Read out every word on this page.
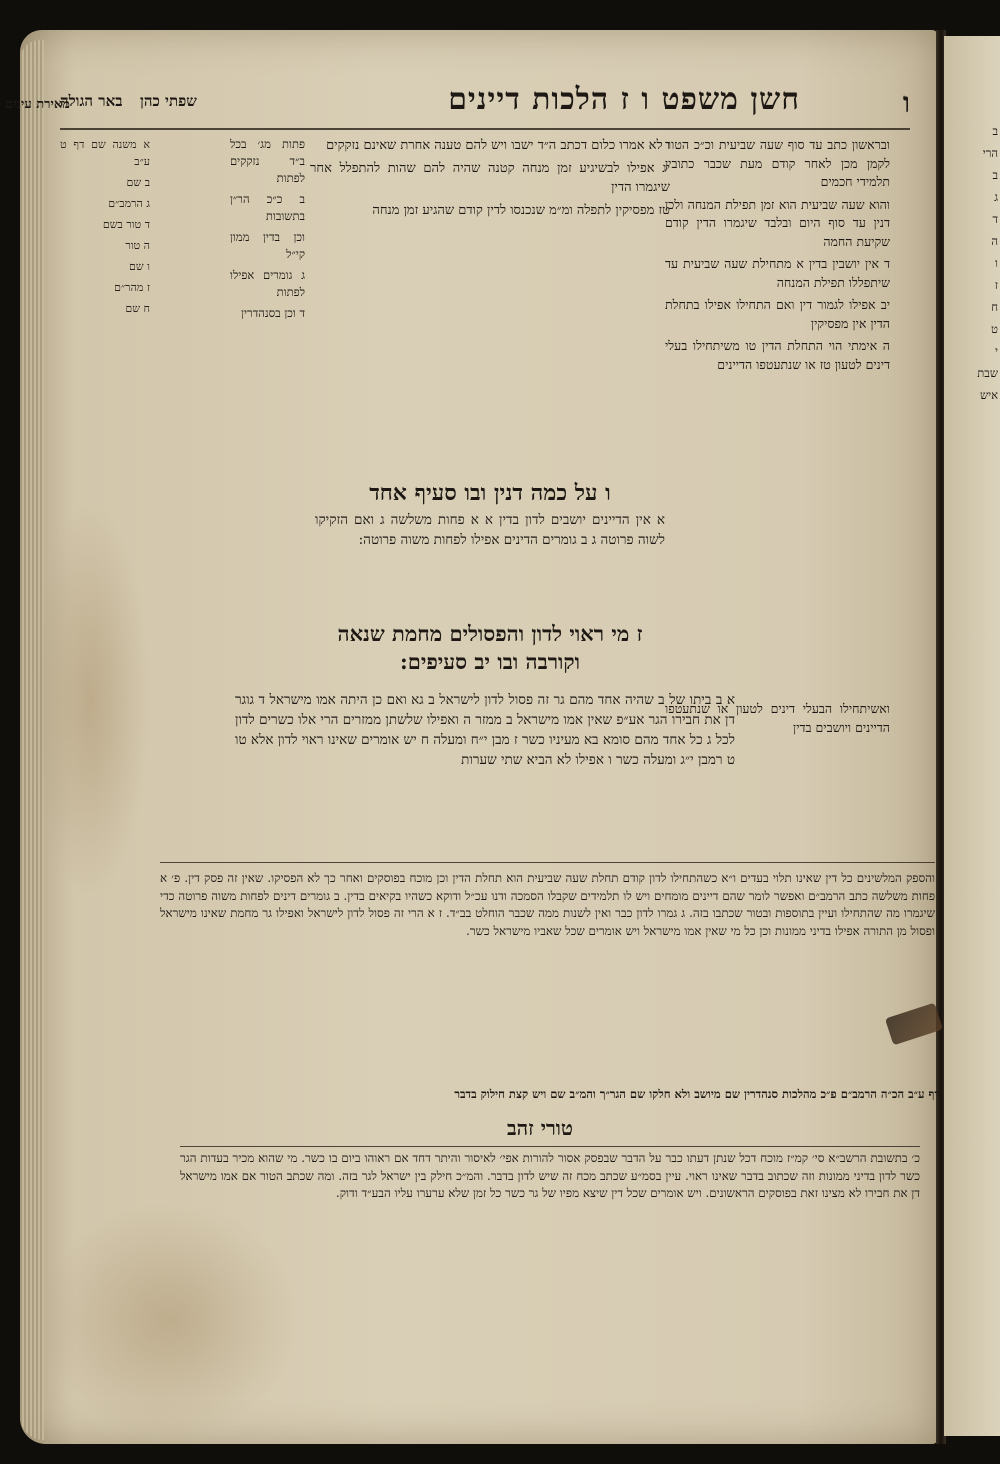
ו
חשן משפט ו ז הלכות דיינים
שפתי כהן
באר הגולה
מאירת עינים

ובראשון כתב עד סוף שעה שביעית וכ״כ הטור לקמן מכן לאחר קודם מעת שכבר כתובין תלמידי חכמים

והוא שעה שביעית הוא זמן תפילת המנחה ולכן דנין עד סוף היום ובלבד שיגמרו הדין קודם שקיעת החמה

ד אין יושבין בדין א מתחילת שעה שביעית עד שיתפללו תפילת המנחה

יב אפילו לגמור דין ואם התחילו אפילו בתחלת הדין אין מפסיקין

ה אימתי הוי התחלת הדין טו משיתחילו בעלי דינים לטעון טז או שנתעטפו הדיינים

ו לא אמרו כלום דכתב ה״ד ישבו ויש להם טענה אחרת שאינם נזקקים

יג אפילו לבשיגיע זמן מנחה קטנה שהיה להם שהות להתפלל אחר שיגמרו הדין

טז מפסיקין לתפלה ומ״מ שנכנסו לדין קודם שהגיע זמן מנחה

פתות מג׳ בכל ב״ד נזקקים לפתות

ב כ״כ הר״ן בתשובות

וכן בדין ממון קי״ל

ג גומרים אפילו לפתות

ד וכן בסנהדרין

א משנה שם דף ט ע״ב

ב שם

ג הרמב״ם

ד טור בשם

ה טור

ו שם

ז מהר״ם

ח שם

ו על כמה דנין ובו סעיף אחד
א אין הדיינים יושבים לדון בדין א א פחות משלשה ג ואם הזקיקו לשוה פרוטה ג ב גומרים הדינים אפילו לפחות משוה פרוטה:
ז מי ראוי לדון והפסולים מחמת שנאה וקורבה ובו יב סעיפים:
א ב ביתו של ב שהיה אחד מהם גר זה פסול לדון לישראל ב גא ואם כן היתה אמו מישראל ד גוגר דן את חבירו הגר אע״פ שאין אמו מישראל ב ממזר ה ואפילו שלשתן ממזרים הרי אלו כשרים לדון לכל ג כל אחד מהם סומא בא מעיניו כשר ז מבן י״ח ומעלה ח יש אומרים שאינו ראוי לדון אלא טו ט רמבן י״ג ומעלה כשר ו אפילו לא הביא שתי שערות
ואשיתחילו הבעלי דינים לטעון או שנתעטפו הדיינים ויושבים בדין
והספק המלשינים כל דין שאינו תלוי בעדים ו״א כשהתחילו לדון קודם תחלת שעה שביעית הוא תחלת הדין וכן מוכח בפוסקים ואחר כך לא הפסיקו. שאין זה פסק דין. פ׳ א פחות משלשה כתב הרמב״ם ואפשר לומר שהם דיינים מומחים ויש לו תלמידים שקבלו הסמכה ודנו עכ״ל ודוקא כשהיו בקיאים בדין. ב גומרים דינים לפחות משוה פרוטה כדי שיגמרו מה שהתחילו ועיין בתוספות ובטור שכתבו בזה. ג גמרו לדון כבר ואין לשנות ממה שכבר הוחלט בב״ד. ז א הרי זה פסול לדון לישראל ואפילו גר מחמת שאינו מישראל ופסול מן התורה אפילו בדיני ממונות וכן כל מי שאין אמו מישראל ויש אומרים שכל שאביו מישראל כשר.
דף ע״ב הכ״ה הרמב״ם פ״כ מהלכות סנהדרין שם מיושב ולא חלקו שם הגר״ך והמ״ב שם ויש קצת חילוק בדבר
טורי זהב
כ׳ בתשובת הרשב״א סי׳ קמ״ז מוכח דכל שנתן דעתו כבר על הדבר שבפסק אסור להורות אפי׳ לאיסור והיתר דחד אם ראוהו ביום בו כשר. מי שהוא מכיר בעדות הגר כשר לדון בדיני ממונות וזה שכתוב בדבר שאינו ראוי. עיין בסמ״ע שכתב מכח זה שיש לדון בדבר. והמ״כ חילק בין ישראל לגר בזה. ומה שכתב הטור אם אמו מישראל דן את חבירו לא מצינו זאת בפוסקים הראשונים. ויש אומרים שכל דין שיצא מפיו של גר כשר כל זמן שלא ערערו עליו הבע״ד ודוק.
ב
הרי
ב
ג
ד
ה
ו
ז
ח
ט
י
שבת
איש
